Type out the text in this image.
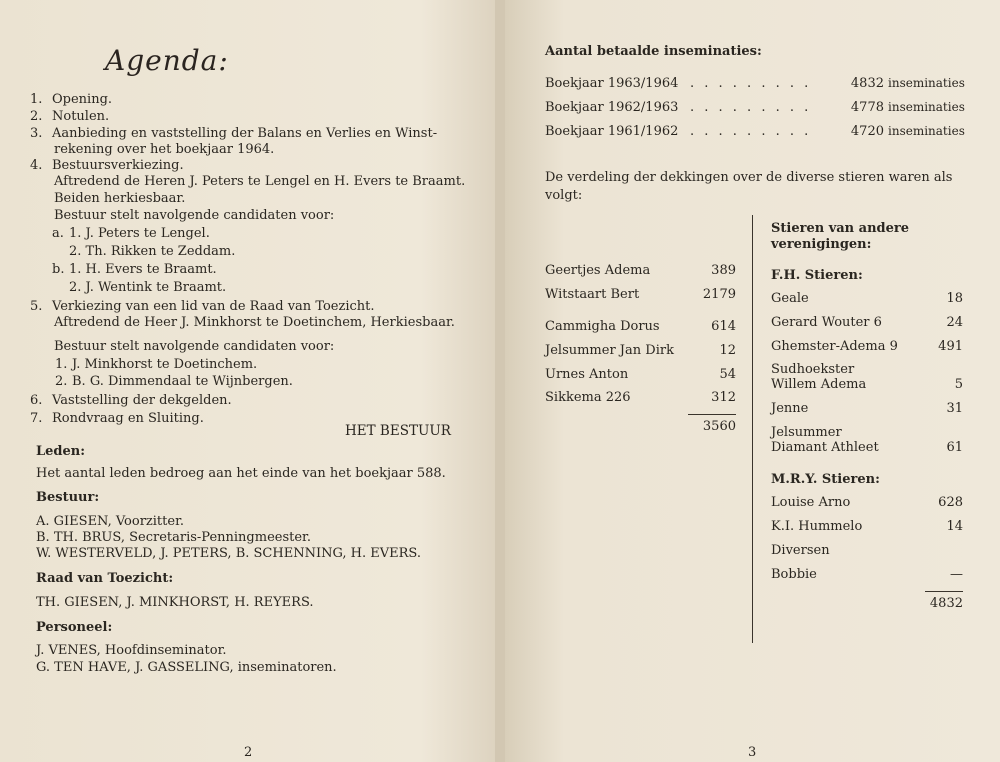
Agenda:
1. Opening.
2. Notulen.
3. Aanbieding en vaststelling der Balans en Verlies en Winst-
rekening over het boekjaar 1964.
4. Bestuursverkiezing.
Aftredend de Heren J. Peters te Lengel en H. Evers te Braamt.
Beiden herkiesbaar.
Bestuur stelt navolgende candidaten voor:
a. 1. J. Peters te Lengel.
2. Th. Rikken te Zeddam.
b. 1. H. Evers te Braamt.
2. J. Wentink te Braamt.
5. Verkiezing van een lid van de Raad van Toezicht.
Aftredend de Heer J. Minkhorst te Doetinchem, Herkiesbaar.
Bestuur stelt navolgende candidaten voor:
1. J. Minkhorst te Doetinchem.
2. B. G. Dimmendaal te Wijnbergen.
6. Vaststelling der dekgelden.
7. Rondvraag en Sluiting.
HET BESTUUR
Leden:
Het aantal leden bedroeg aan het einde van het boekjaar 588.
Bestuur:
A. GIESEN, Voorzitter.
B. TH. BRUS, Secretaris-Penningmeester.
W. WESTERVELD, J. PETERS, B. SCHENNING, H. EVERS.
Raad van Toezicht:
TH. GIESEN, J. MINKHORST, H. REYERS.
Personeel:
J. VENES, Hoofdinseminator.
G. TEN HAVE, J. GASSELING, inseminatoren.
2
Aantal betaalde inseminaties:
Boekjaar 1963/1964 . . . . . . . . .	4832 inseminaties
Boekjaar 1962/1963 . . . . . . . . .	4778 inseminaties
Boekjaar 1961/1962 . . . . . . . . .	4720 inseminaties
De verdeling der dekkingen over de diverse stieren waren als
volgt:
Geertjes Adema	389
Witstaart Bert	2179
Cammigha Dorus	614
Jelsummer Jan Dirk	12
Urnes Anton	54
Sikkema 226	312
3560
Stieren van andere
verenigingen:
F.H. Stieren:
Geale	18
Gerard Wouter 6	24
Ghemster-Adema 9	491
Sudhoekster
Willem Adema	5
Jenne	31
Jelsummer
Diamant Athleet	61
M.R.Y. Stieren:
Louise Arno	628
K.I. Hummelo	14
Diversen
Bobbie	—
4832
3
